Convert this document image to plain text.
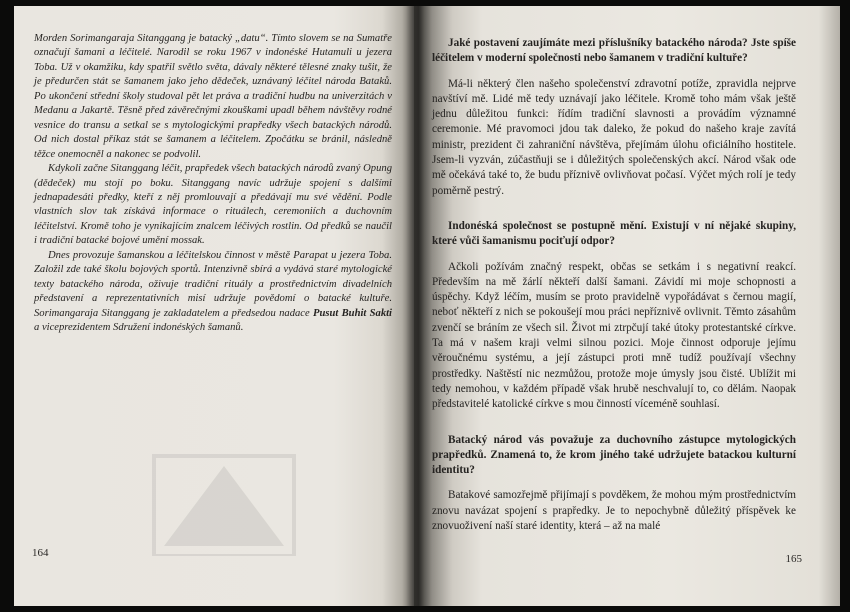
Morden Sorimangaraja Sitanggang je batacký „datu“. Tímto slovem se na Sumatře označují šamani a léčitelé. Narodil se roku 1967 v indonéské Hutamuli u jezera Toba. Už v okamžiku, kdy spatřil světlo světa, dávaly některé tělesné znaky tušit, že je předurčen stát se šamanem jako jeho dědeček, uznávaný léčitel národa Bataků. Po ukončení střední školy studoval pět let práva a tradiční hudbu na univerzitách v Medanu a Jakartě. Těsně před závěrečnými zkouškami upadl během návštěvy rodné vesnice do transu a setkal se s mytologickými prapředky všech batackých národů. Od nich dostal příkaz stát se šamanem a léčitelem. Zpočátku se bránil, následně těžce onemocněl a nakonec se podvolil.

Kdykoli začne Sitanggang léčit, prapředek všech batackých národů zvaný Opung (dědeček) mu stojí po boku. Sitanggang navíc udržuje spojení s dalšími jednapadesáti předky, kteří z něj promlouvají a předávají mu své vědění. Podle vlastních slov tak získává informace o rituálech, ceremoniích a duchovním léčitelství. Kromě toho je vynikajícím znalcem léčivých rostlin. Od předků se naučil i tradiční batacké bojové umění mossak.

Dnes provozuje šamanskou a léčitelskou činnost v městě Parapat u jezera Toba. Založil zde také školu bojových sportů. Intenzivně sbírá a vydává staré mytologické texty batackého národa, oživuje tradiční rituály a prostřednictvím divadelních představení a reprezentativních misí udržuje povědomí o batacké kultuře. Sorimangaraja Sitanggang je zakladatelem a předsedou nadace Pusut Buhit Sakti a viceprezidentem Sdružení indonéských šamanů.

164

Jaké postavení zaujímáte mezi příslušníky batackého národa? Jste spíše léčitelem v moderní společnosti nebo šamanem v tradiční kultuře?

Má-li některý člen našeho společenství zdravotní potíže, zpravidla nejprve navštíví mě. Lidé mě tedy uznávají jako léčitele. Kromě toho mám však ještě jednu důležitou funkci: řídím tradiční slavnosti a provádím významné ceremonie. Mé pravomoci jdou tak daleko, že pokud do našeho kraje zavítá ministr, prezident či zahraniční návštěva, přejímám úlohu oficiálního hostitele. Jsem-li vyzván, zúčastňuji se i důležitých společenských akcí. Národ však ode mě očekává také to, že budu příznivě ovlivňovat počasí. Výčet mých rolí je tedy poměrně pestrý.

Indonéská společnost se postupně mění. Existují v ní nějaké skupiny, které vůči šamanismu pociťují odpor?

Ačkoli požívám značný respekt, občas se setkám i s negativní reakcí. Především na mě žárlí někteří další šamani. Závidí mi moje schopnosti a úspěchy. Když léčím, musím se proto pravidelně vypořádávat s černou magií, neboť někteří z nich se pokoušejí mou práci nepříznivě ovlivnit. Těmto zásahům zvenčí se bráním ze všech sil. Život mi ztrpčují také útoky protestantské církve. Ta má v našem kraji velmi silnou pozici. Moje činnost odporuje jejímu věroučnému systému, a její zástupci proti mně tudíž používají všechny prostředky. Naštěstí nic nezmůžou, protože moje úmysly jsou čisté. Ublížit mi tedy nemohou, v každém případě však hrubě neschvalují to, co dělám. Naopak představitelé katolické církve s mou činností víceméně souhlasí.

Batacký národ vás považuje za duchovního zástupce mytologických prapředků. Znamená to, že krom jiného také udržujete batackou kulturní identitu?

Batakové samozřejmě přijímají s povděkem, že mohou mým prostřednictvím znovu navázat spojení s prapředky. Je to nepochybně důležitý příspěvek ke znovuoživení naší staré identity, která – až na malé

165
